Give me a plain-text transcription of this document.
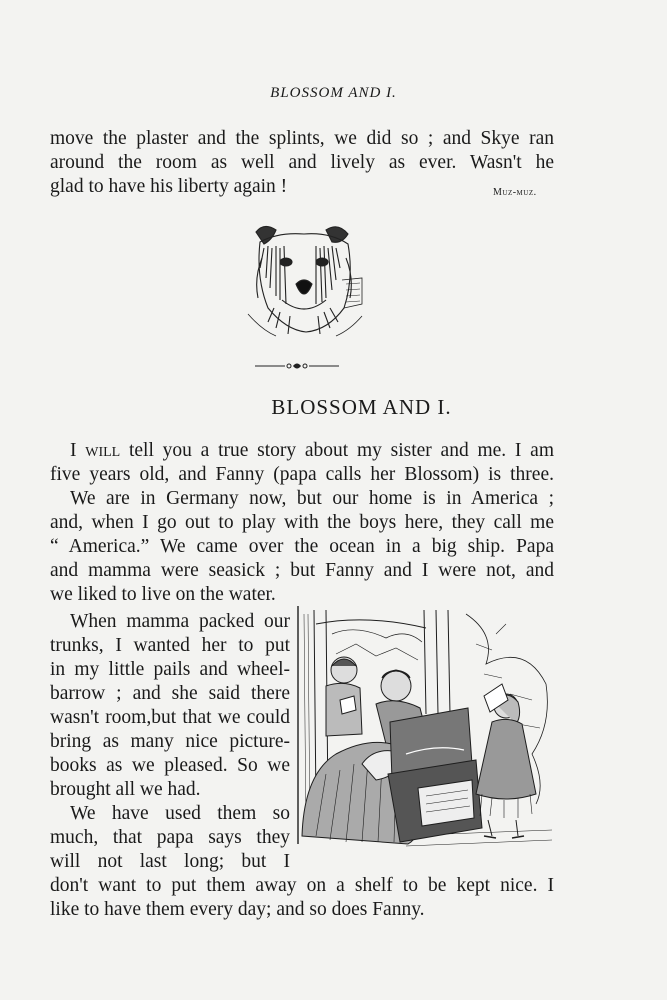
BLOSSOM AND I.
move the plaster and the splints, we did so ; and Skye ran
around the room as well and lively as ever. Wasn't he
glad to have his liberty again !	Muz-muz.
BLOSSOM AND I.
I will tell you a true story about my sister and me. I am
five years old, and Fanny (papa calls her Blossom) is three.
We are in Germany now, but our home is in America ;
and, when I go out to play with the boys here, they call me
“ America.” We came over the ocean in a big ship. Papa
and mamma were seasick ; but Fanny and I were not, and
we liked to live on the water.
When mamma packed our
trunks, I wanted her to put
in my little pails and wheel-
barrow ; and she said there
wasn't room,but that we could
bring as many nice picture-
books as we pleased. So we
brought all we had.
We have used them so
much, that papa says they
will not last long; but I
don't want to put them away on a shelf to be kept nice. I
like to have them every day; and so does Fanny.
